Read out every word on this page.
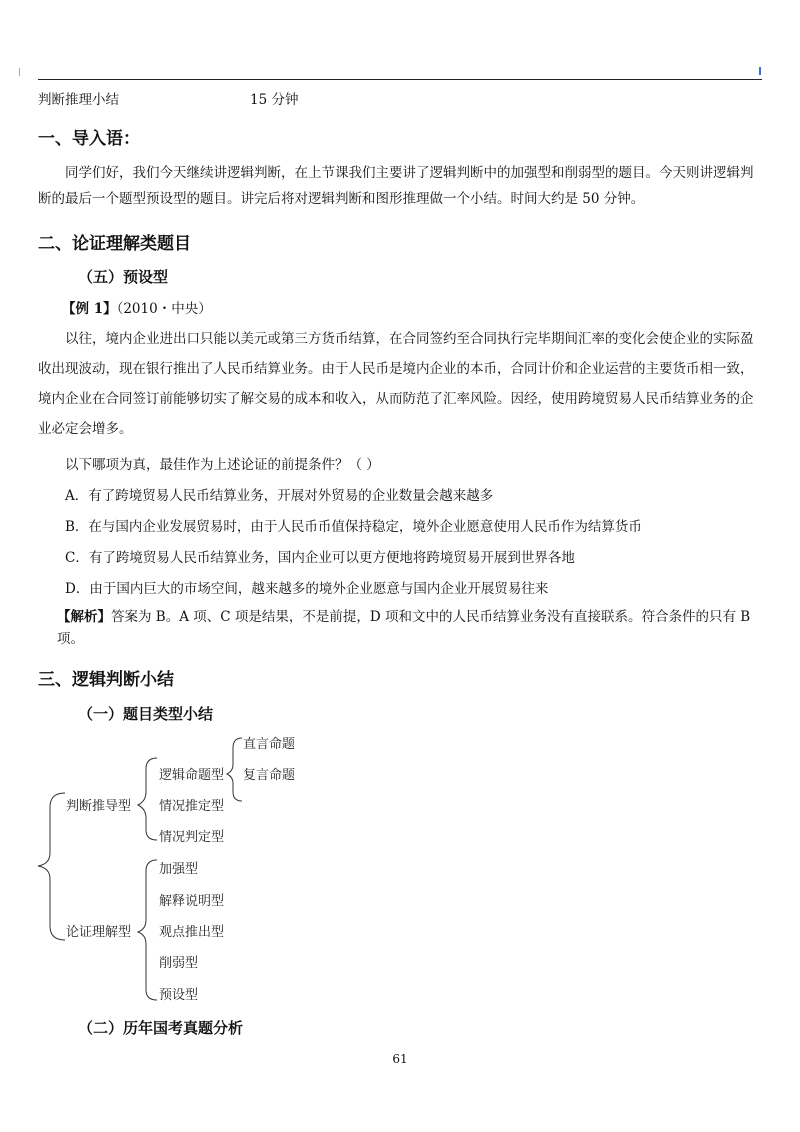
判断推理小结	15 分钟
一、导入语：
同学们好，我们今天继续讲逻辑判断，在上节课我们主要讲了逻辑判断中的加强型和削弱型的题目。今天则讲逻辑判断的最后一个题型预设型的题目。讲完后将对逻辑判断和图形推理做一个小结。时间大约是 50 分钟。
二、论证理解类题目
（五）预设型
【例 1】（2010・中央）
以往，境内企业进出口只能以美元或第三方货币结算，在合同签约至合同执行完毕期间汇率的变化会使企业的实际盈收出现波动，现在银行推出了人民币结算业务。由于人民币是境内企业的本币，合同计价和企业运营的主要货币相一致，境内企业在合同签订前能够切实了解交易的成本和收入，从而防范了汇率风险。因经，使用跨境贸易人民币结算业务的企业必定会增多。
以下哪项为真，最佳作为上述论证的前提条件？（ ）
A．有了跨境贸易人民币结算业务，开展对外贸易的企业数量会越来越多
B．在与国内企业发展贸易时，由于人民币币值保持稳定，境外企业愿意使用人民币作为结算货币
C．有了跨境贸易人民币结算业务，国内企业可以更方便地将跨境贸易开展到世界各地
D．由于国内巨大的市场空间，越来越多的境外企业愿意与国内企业开展贸易往来
【解析】答案为 B。A 项、C 项是结果，不是前提，D 项和文中的人民币结算业务没有直接联系。符合条件的只有 B 项。
三、逻辑判断小结
（一）题目类型小结
判断推导型
论证理解型
逻辑命题型
情况推定型
情况判定型
直言命题
复言命题
加强型
解释说明型
观点推出型
削弱型
预设型
（二）历年国考真题分析
61
